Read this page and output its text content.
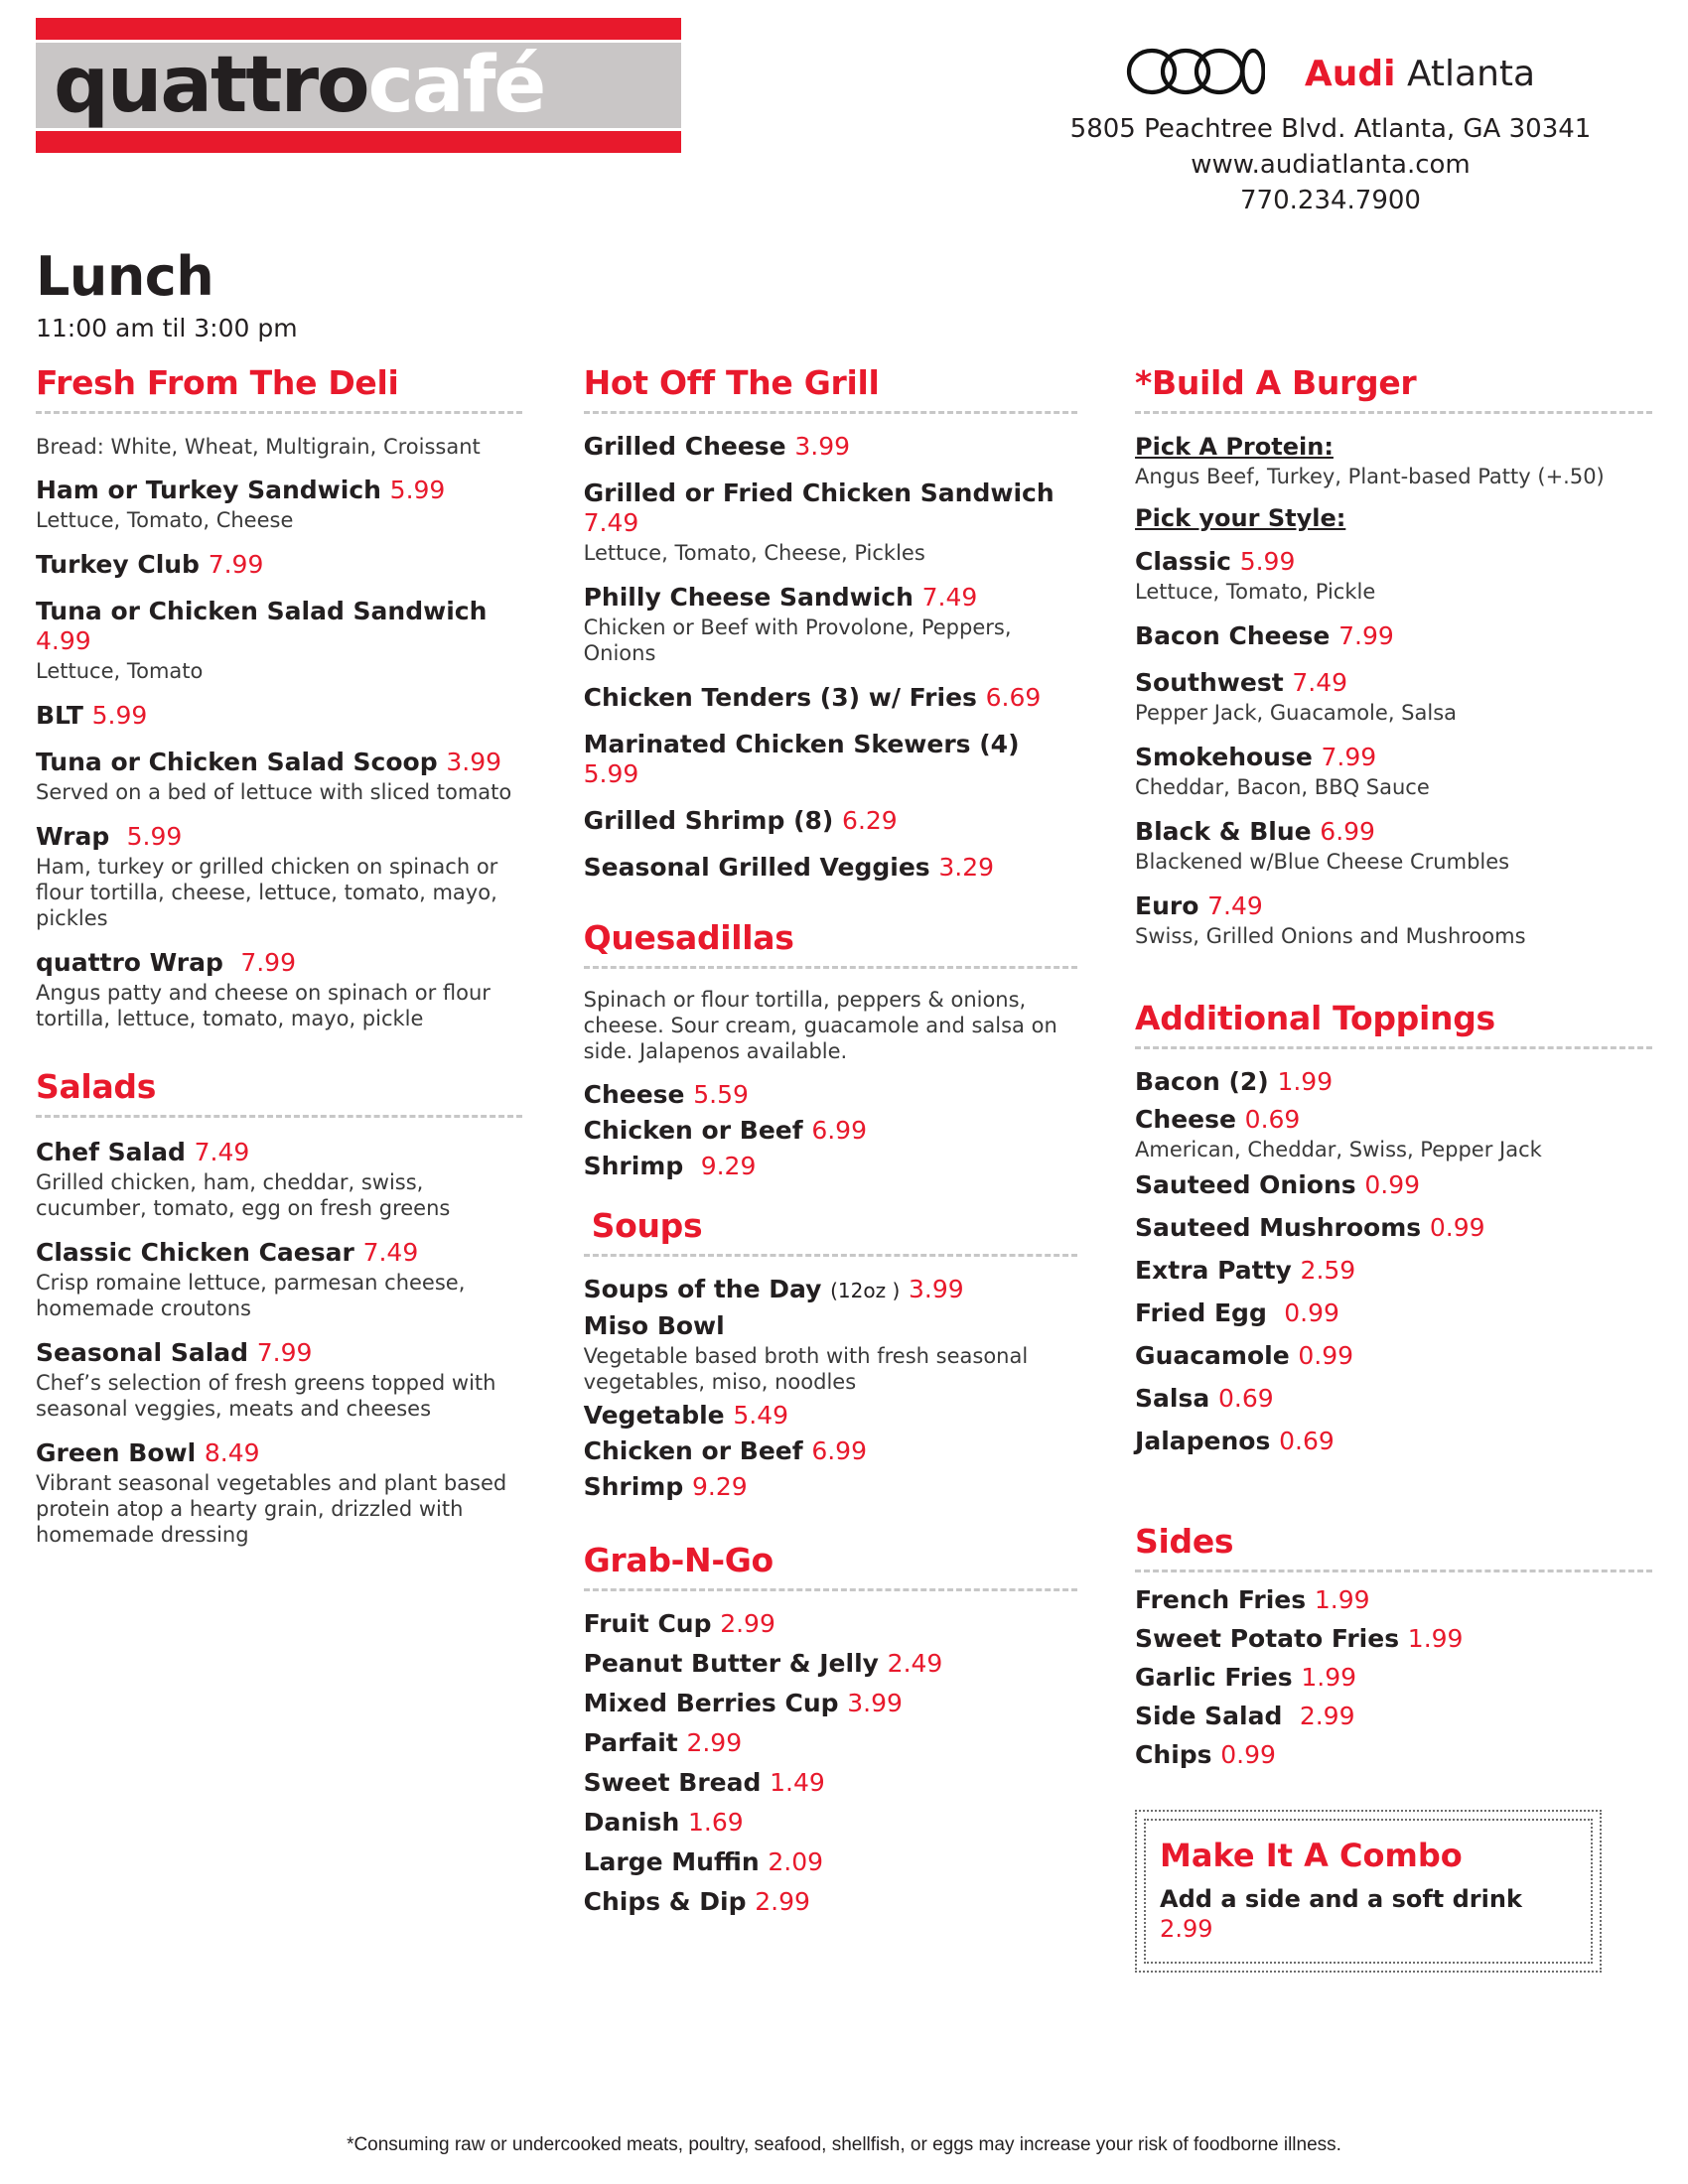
quattrocafé	Audi Atlanta
5805 Peachtree Blvd. Atlanta, GA 30341
www.audiatlanta.com
770.234.7900
Lunch
11:00 am til 3:00 pm
Fresh From The Deli
Bread: White, Wheat, Multigrain, Croissant
Ham or Turkey Sandwich 5.99
Lettuce, Tomato, Cheese
Turkey Club 7.99
Tuna or Chicken Salad Sandwich 4.99
Lettuce, Tomato
BLT 5.99
Tuna or Chicken Salad Scoop 3.99
Served on a bed of lettuce with sliced tomato
Wrap 5.99
Ham, turkey or grilled chicken on spinach or flour tortilla, cheese, lettuce, tomato, mayo, pickles
quattro Wrap 7.99
Angus patty and cheese on spinach or flour tortilla, lettuce, tomato, mayo, pickle
Salads
Chef Salad 7.49
Grilled chicken, ham, cheddar, swiss, cucumber, tomato, egg on fresh greens
Classic Chicken Caesar 7.49
Crisp romaine lettuce, parmesan cheese, homemade croutons
Seasonal Salad 7.99
Chef’s selection of fresh greens topped with seasonal veggies, meats and cheeses
Green Bowl 8.49
Vibrant seasonal vegetables and plant based protein atop a hearty grain, drizzled with homemade dressing
Hot Off The Grill
Grilled Cheese 3.99
Grilled or Fried Chicken Sandwich 7.49
Lettuce, Tomato, Cheese, Pickles
Philly Cheese Sandwich 7.49
Chicken or Beef with Provolone, Peppers, Onions
Chicken Tenders (3) w/ Fries 6.69
Marinated Chicken Skewers (4) 5.99
Grilled Shrimp (8) 6.29
Seasonal Grilled Veggies 3.29
Quesadillas
Spinach or flour tortilla, peppers & onions, cheese. Sour cream, guacamole and salsa on side. Jalapenos available.
Cheese 5.59
Chicken or Beef 6.99
Shrimp 9.29
Soups
Soups of the Day (12oz ) 3.99
Miso Bowl
Vegetable based broth with fresh seasonal vegetables, miso, noodles
Vegetable 5.49
Chicken or Beef 6.99
Shrimp 9.29
Grab-N-Go
Fruit Cup 2.99
Peanut Butter & Jelly 2.49
Mixed Berries Cup 3.99
Parfait 2.99
Sweet Bread 1.49
Danish 1.69
Large Muffin 2.09
Chips & Dip 2.99
*Build A Burger
Pick A Protein:
Angus Beef, Turkey, Plant-based Patty (+.50)
Pick your Style:
Classic 5.99
Lettuce, Tomato, Pickle
Bacon Cheese 7.99
Southwest 7.49
Pepper Jack, Guacamole, Salsa
Smokehouse 7.99
Cheddar, Bacon, BBQ Sauce
Black & Blue 6.99
Blackened w/Blue Cheese Crumbles
Euro 7.49
Swiss, Grilled Onions and Mushrooms
Additional Toppings
Bacon (2) 1.99
Cheese 0.69
American, Cheddar, Swiss, Pepper Jack
Sauteed Onions 0.99
Sauteed Mushrooms 0.99
Extra Patty 2.59
Fried Egg 0.99
Guacamole 0.99
Salsa 0.69
Jalapenos 0.69
Sides
French Fries 1.99
Sweet Potato Fries 1.99
Garlic Fries 1.99
Side Salad 2.99
Chips 0.99
Make It A Combo
Add a side and a soft drink  2.99
*Consuming raw or undercooked meats, poultry, seafood, shellfish, or eggs may increase your risk of foodborne illness.
